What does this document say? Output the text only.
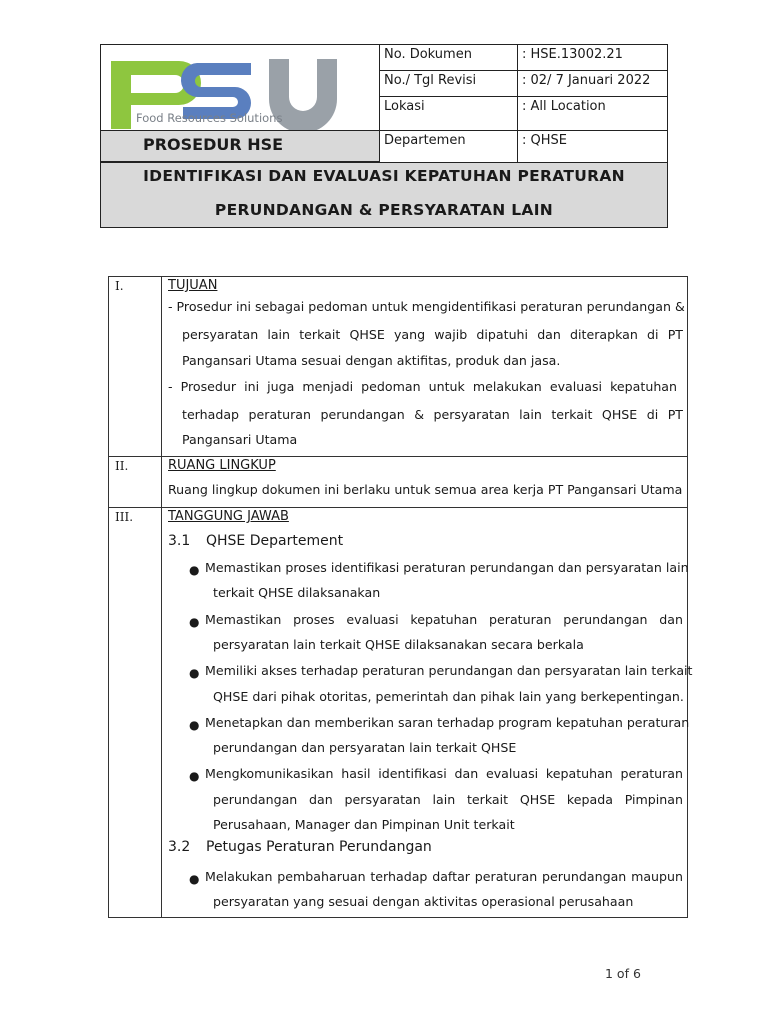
Food Resources Solutions
PROSEDUR HSE
No. Dokumen	: HSE.13002.21
No./ Tgl Revisi	: 02/ 7 Januari 2022
Lokasi	: All Location
Departemen	: QHSE
IDENTIFIKASI DAN EVALUASI KEPATUHAN PERATURAN
PERUNDANGAN & PERSYARATAN LAIN
I.	TUJUAN
- Prosedur ini sebagai pedoman untuk mengidentifikasi peraturan perundangan &
persyaratan lain terkait QHSE yang wajib dipatuhi dan diterapkan di PT
Pangansari Utama sesuai dengan aktifitas, produk dan jasa.
- Prosedur ini juga menjadi pedoman untuk melakukan evaluasi kepatuhan
terhadap peraturan perundangan & persyaratan lain terkait QHSE di PT
Pangansari Utama
II.	RUANG LINGKUP
Ruang lingkup dokumen ini berlaku untuk semua area kerja PT Pangansari Utama
III.	TANGGUNG JAWAB
3.1 QHSE Departement
● Memastikan proses identifikasi peraturan perundangan dan persyaratan lain
terkait QHSE dilaksanakan
● Memastikan proses evaluasi kepatuhan peraturan perundangan dan
persyaratan lain terkait QHSE dilaksanakan secara berkala
● Memiliki akses terhadap peraturan perundangan dan persyaratan lain terkait
QHSE dari pihak otoritas, pemerintah dan pihak lain yang berkepentingan.
● Menetapkan dan memberikan saran terhadap program kepatuhan peraturan
perundangan dan persyaratan lain terkait QHSE
● Mengkomunikasikan hasil identifikasi dan evaluasi kepatuhan peraturan
perundangan dan persyaratan lain terkait QHSE kepada Pimpinan
Perusahaan, Manager dan Pimpinan Unit terkait
3.2 Petugas Peraturan Perundangan
● Melakukan pembaharuan terhadap daftar peraturan perundangan maupun
persyaratan yang sesuai dengan aktivitas operasional perusahaan
1 of 6
